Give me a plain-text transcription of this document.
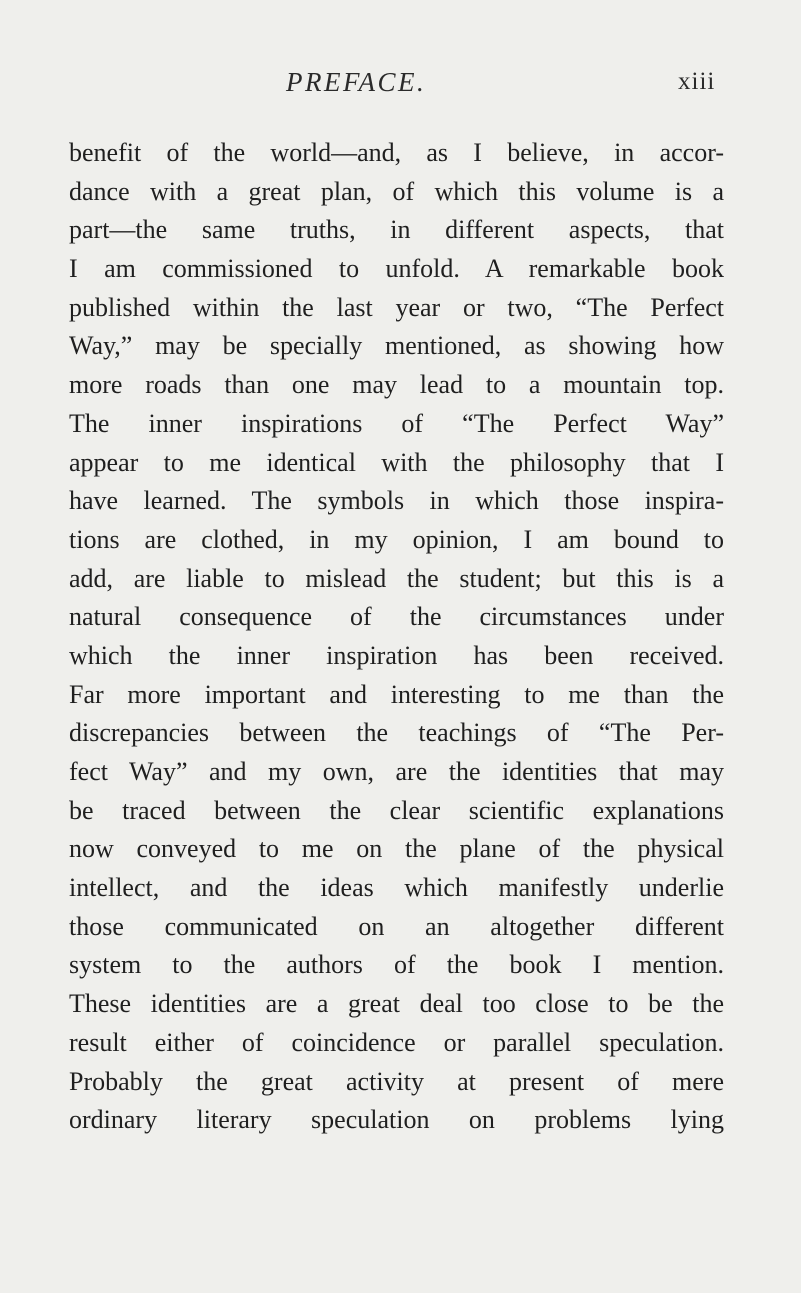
PREFACE.	xiii
benefit of the world—and, as I believe, in accor-
dance with a great plan, of which this volume is a
part—the same truths, in different aspects, that
I am commissioned to unfold. A remarkable book
published within the last year or two, “The Perfect
Way,” may be specially mentioned, as showing how
more roads than one may lead to a mountain top.
The inner inspirations of “The Perfect Way”
appear to me identical with the philosophy that I
have learned. The symbols in which those inspira-
tions are clothed, in my opinion, I am bound to
add, are liable to mislead the student; but this is a
natural consequence of the circumstances under
which the inner inspiration has been received.
Far more important and interesting to me than the
discrepancies between the teachings of “The Per-
fect Way” and my own, are the identities that may
be traced between the clear scientific explanations
now conveyed to me on the plane of the physical
intellect, and the ideas which manifestly underlie
those communicated on an altogether different
system to the authors of the book I mention.
These identities are a great deal too close to be the
result either of coincidence or parallel speculation.
Probably the great activity at present of mere
ordinary literary speculation on problems lying
